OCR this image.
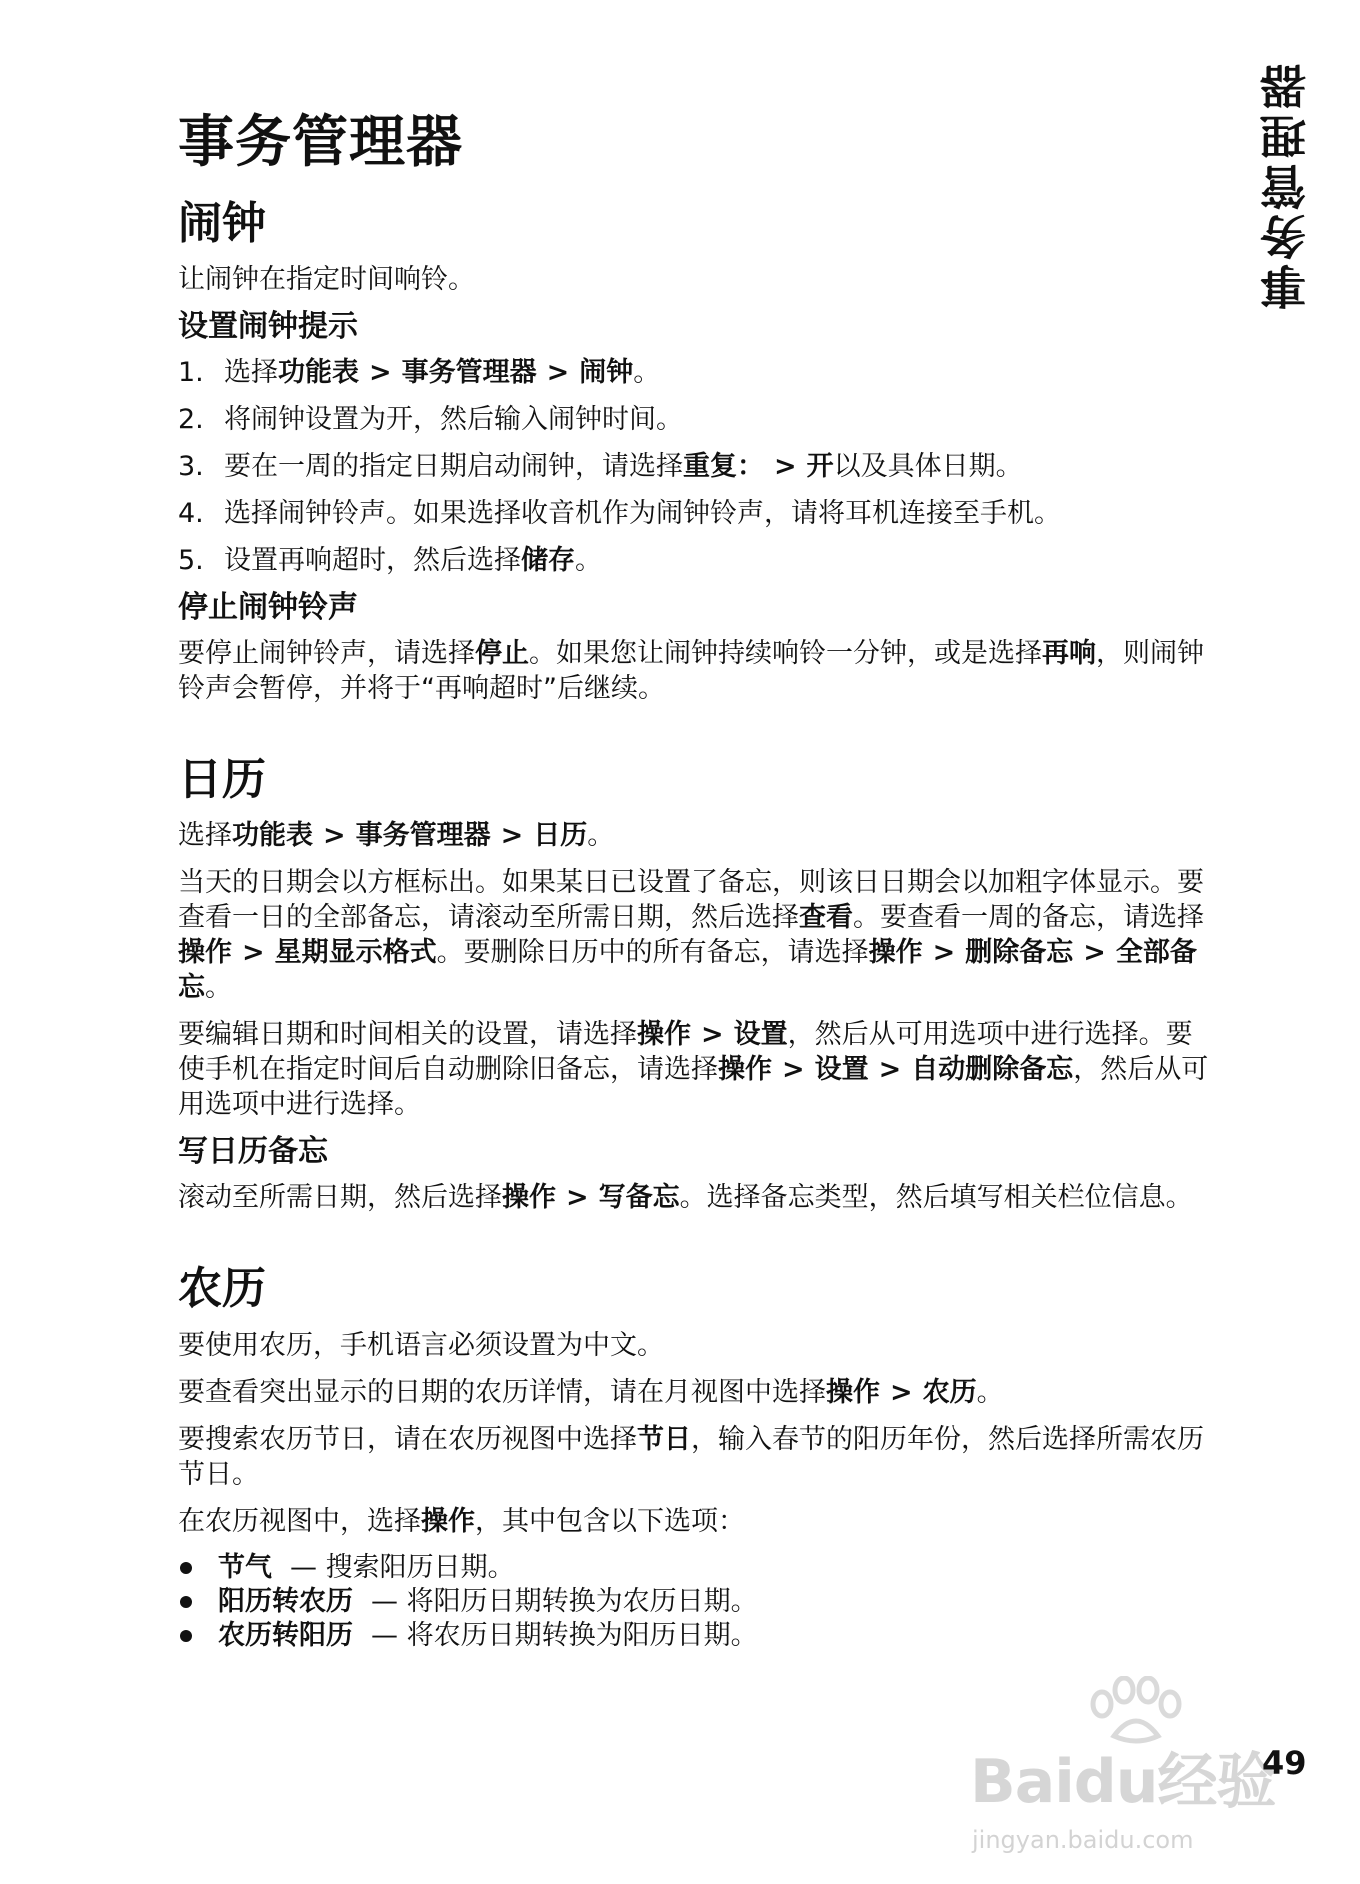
事务管理器
事务管理器
闹钟

让闹钟在指定时间响铃。

设置闹钟提示
1. 选择功能表 > 事务管理器 > 闹钟。
2. 将闹钟设置为开，然后输入闹钟时间。
3. 要在一周的指定日期启动闹钟，请选择重复： > 开以及具体日期。
4. 选择闹钟铃声。如果选择收音机作为闹钟铃声，请将耳机连接至手机。
5. 设置再响超时，然后选择储存。
停止闹钟铃声

要停止闹钟铃声，请选择停止。如果您让闹钟持续响铃一分钟，或是选择再响，则闹钟铃声会暂停，并将于“再响超时”后继续。

日历

选择功能表 > 事务管理器 > 日历。

当天的日期会以方框标出。如果某日已设置了备忘，则该日日期会以加粗字体显示。要查看一日的全部备忘，请滚动至所需日期，然后选择查看。要查看一周的备忘，请选择操作 > 星期显示格式。要删除日历中的所有备忘，请选择操作 > 删除备忘 > 全部备忘。

要编辑日期和时间相关的设置，请选择操作 > 设置，然后从可用选项中进行选择。要使手机在指定时间后自动删除旧备忘，请选择操作 > 设置 > 自动删除备忘，然后从可用选项中进行选择。

写日历备忘

滚动至所需日期，然后选择操作 > 写备忘。选择备忘类型，然后填写相关栏位信息。

农历

要使用农历，手机语言必须设置为中文。

要查看突出显示的日期的农历详情，请在月视图中选择操作 > 农历。

要搜索农历节日，请在农历视图中选择节日，输入春节的阳历年份，然后选择所需农历节日。

在农历视图中，选择操作，其中包含以下选项：

节气 — 搜索阳历日期。
阳历转农历 — 将阳历日期转换为农历日期。
农历转阳历 — 将农历日期转换为阳历日期。
Baidu经验
jingyan.baidu.com
49
